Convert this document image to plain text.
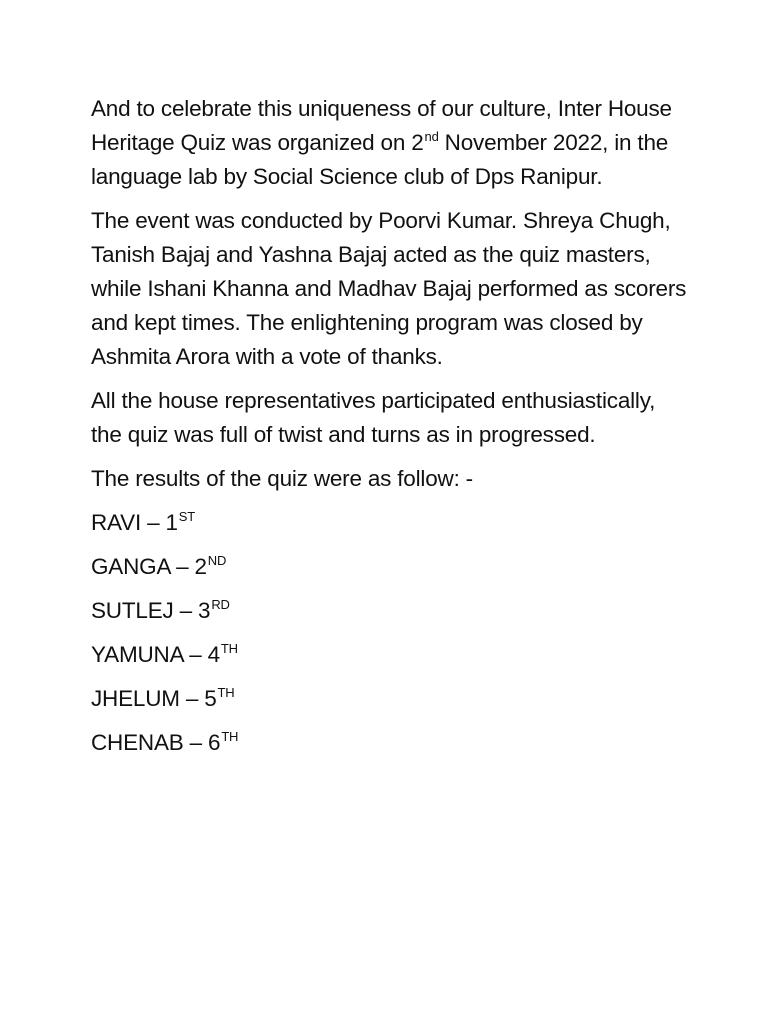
And to celebrate this uniqueness of our culture, Inter House Heritage Quiz was organized on 2nd November 2022, in the language lab by Social Science club of Dps Ranipur.

The event was conducted by Poorvi Kumar. Shreya Chugh, Tanish Bajaj and Yashna Bajaj acted as the quiz masters, while Ishani Khanna and Madhav Bajaj performed as scorers and kept times. The enlightening program was closed by Ashmita Arora with a vote of thanks.

All the house representatives participated enthusiastically, the quiz was full of twist and turns as in progressed.

The results of the quiz were as follow: -

RAVI – 1ST

GANGA – 2ND

SUTLEJ – 3RD

YAMUNA – 4TH

JHELUM – 5TH

CHENAB – 6TH
